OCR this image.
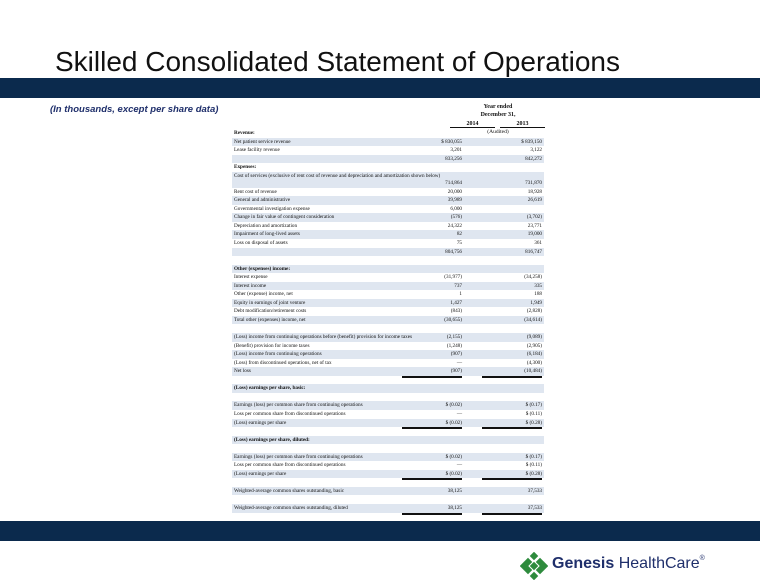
Skilled Consolidated Statement of Operations
(In thousands, except per share data)	Year ended
December 31,
2014	2013
(Audited)
Revenue:
Net patient service revenue	$ 830,055	$ 839,150
Lease facility revenue	3,201	3,122
833,256	842,272
Expenses:
Cost of services (exclusive of rent cost of revenue and depreciation and amortization shown below)
714,864	731,870
Rent cost of revenue	20,000	18,928
General and administrative	39,989	26,619
Governmental investigation expense	6,000
Change in fair value of contingent consideration	(576)	(3,702)
Depreciation and amortization	24,322	23,771
Impairment of long-lived assets	82	19,000
Loss on disposal of assets	75	361
804,756	816,747
Other (expenses) income:
Interest expense	(31,977)	(34,258)
Interest income	737	335
Other (expense) income, net	1	188
Equity in earnings of joint venture	1,427	1,949
Debt modification/retirement costs	(843)	(2,828)
Total other (expenses) income, net	(30,655)	(34,614)
(Loss) income from continuing operations before (benefit) provision for income taxes	(2,155)	(9,089)
(Benefit) provision for income taxes	(1,248)	(2,905)
(Loss) income from continuing operations	(907)	(6,184)
(Loss) from discontinued operations, net of tax	—	(4,300)
Net loss	(907)	(10,484)
(Loss) earnings per share, basic:
Earnings (loss) per common share from continuing operations	$ (0.02)	$ (0.17)
Loss per common share from discontinued operations	—	$ (0.11)
(Loss) earnings per share	$ (0.02)	$ (0.28)
(Loss) earnings per share, diluted:
Earnings (loss) per common share from continuing operations	$ (0.02)	$ (0.17)
Loss per common share from discontinued operations	—	$ (0.11)
(Loss) earnings per share	$ (0.02)	$ (0.28)
Weighted-average common shares outstanding, basic	38,125	37,533
Weighted-average common shares outstanding, diluted	38,125	37,533
Genesis HealthCare®
